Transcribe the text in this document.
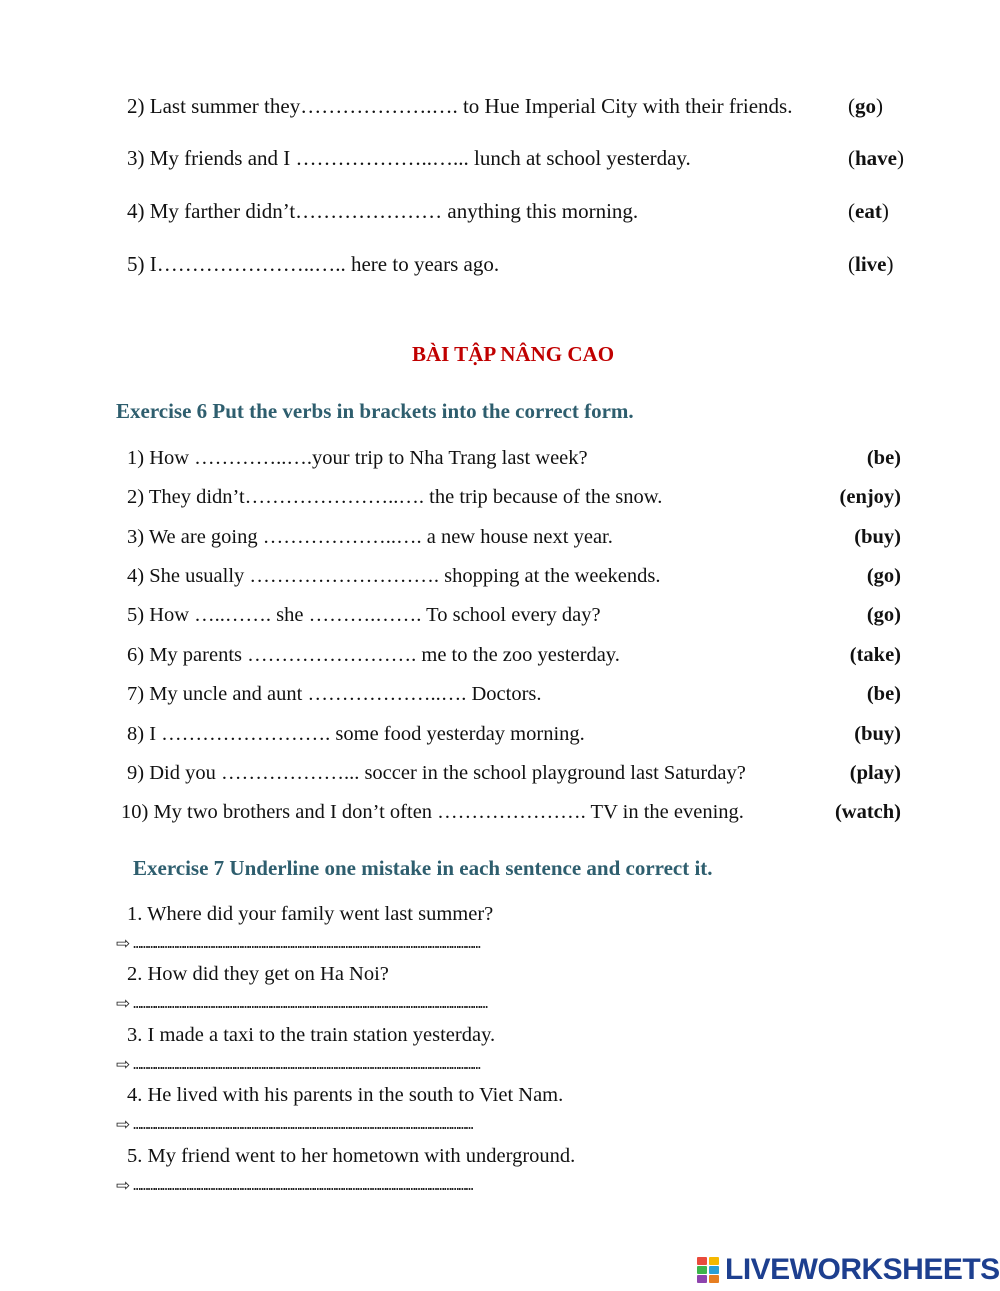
2) Last summer they……………….…. to Hue Imperial City with their friends.	(go)
3) My friends and I ………………..…... lunch at school yesterday.	(have)
4) My farther didn’t………………… anything this morning.	(eat)
5) I…………………..….. here to years ago.	(live)
BÀI TẬP NÂNG CAO
Exercise 6 Put the verbs in brackets into the correct form.
1) How …………..….your trip to Nha Trang last week?	(be)
2) They didn’t…………………..…. the trip because of the snow.	(enjoy)
3) We are going ………………..…. a new house next year.	(buy)
4) She usually ………………………. shopping at the weekends.	(go)
5) How …..……. she ……….……. To school every day?	(go)
6) My parents ……………………. me to the zoo yesterday.	(take)
7) My uncle and aunt ………………..…. Doctors.	(be)
8) I ……………………. some food yesterday morning.	(buy)
9) Did you ………………... soccer in the school playground last Saturday?	(play)
10) My two brothers and I don’t often …………………. TV in the evening.	(watch)
Exercise 7 Underline one mistake in each sentence and correct it.
1. Where did your family went last summer?
⇨ ………………………………………………………………………………………………………………………………
2. How did they get on Ha Noi?
⇨ …………………………………………………………………………………………………………………………………
3. I made a taxi to the train station yesterday.
⇨ ………………………………………………………………………………………………………………………………
4. He lived with his parents in the south to Viet Nam.
⇨ ……………………………………………………………………………………………………………………………
5. My friend went to her hometown with underground.
⇨ ……………………………………………………………………………………………………………………………
LIVEWORKSHEETS
